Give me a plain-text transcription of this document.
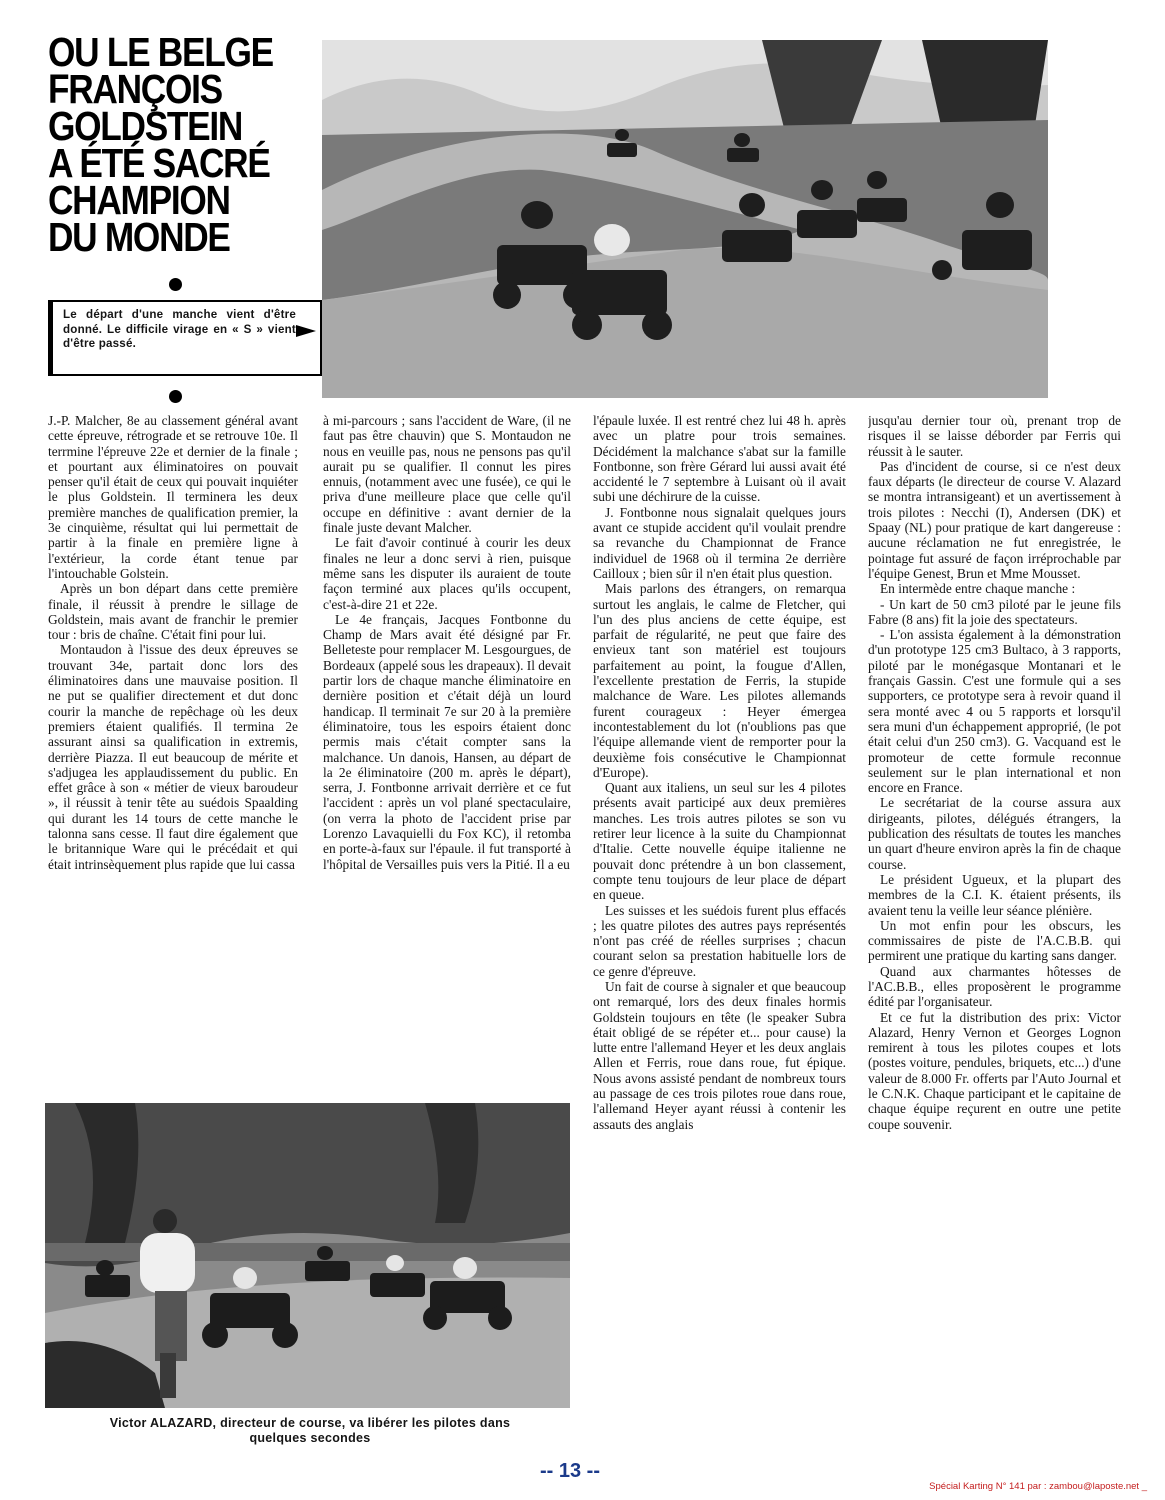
OU LE BELGE
FRANÇOIS
GOLDSTEIN
A ÉTÉ SACRÉ
CHAMPION
DU MONDE
Le départ d'une manche vient d'être donné. Le difficile virage en « S » vient d'être passé.

J.-P. Malcher, 8e au classement général avant cette épreuve, rétrograde et se retrouve 10e. Il terrmine l'épreuve 22e et dernier de la finale ; et pourtant aux éliminatoires on pouvait penser qu'il était de ceux qui pouvait inquiéter le plus Goldstein. Il terminera les deux première manches de qualification premier, la 3e cinquième, résultat qui lui permettait de partir à la finale en première ligne à l'extérieur, la corde étant tenue par l'intouchable Golstein.

Après un bon départ dans cette première finale, il réussit à prendre le sillage de Goldstein, mais avant de franchir le premier tour : bris de chaîne. C'était fini pour lui.

Montaudon à l'issue des deux épreuves se trouvant 34e, partait donc lors des éliminatoires dans une mauvaise position. Il ne put se qualifier directement et dut donc courir la manche de repêchage où les deux premiers étaient qualifiés. Il termina 2e assurant ainsi sa qualification in extremis, derrière Piazza. Il eut beaucoup de mérite et s'adjugea les applaudissement du public. En effet grâce à son « métier de vieux baroudeur », il réussit à tenir tête au suédois Spaalding qui durant les 14 tours de cette manche le talonna sans cesse. Il faut dire également que le britannique Ware qui le précédait et qui était intrinsèquement plus rapide que lui cassa

à mi-parcours ; sans l'accident de Ware, (il ne faut pas être chauvin) que S. Montaudon ne nous en veuille pas, nous ne pensons pas qu'il aurait pu se qualifier. Il connut les pires ennuis, (notamment avec une fusée), ce qui le priva d'une meilleure place que celle qu'il occupe en définitive : avant dernier de la finale juste devant Malcher.

Le fait d'avoir continué à courir les deux finales ne leur a donc servi à rien, puisque même sans les disputer ils auraient de toute façon terminé aux places qu'ils occupent, c'est-à-dire 21 et 22e.

Le 4e français, Jacques Fontbonne du Champ de Mars avait été désigné par Fr. Belleteste pour remplacer M. Lesgourgues, de Bordeaux (appelé sous les drapeaux). Il devait partir lors de chaque manche éliminatoire en dernière position et c'était déjà un lourd handicap. Il terminait 7e sur 20 à la première éliminatoire, tous les espoirs étaient donc permis mais c'était compter sans la malchance. Un danois, Hansen, au départ de la 2e éliminatoire (200 m. après le départ), serra, J. Fontbonne arrivait derrière et ce fut l'accident : après un vol plané spectaculaire, (on verra la photo de l'accident prise par Lorenzo Lavaquielli du Fox KC), il retomba en porte-à-faux sur l'épaule. il fut transporté à l'hôpital de Versailles puis vers la Pitié. Il a eu

l'épaule luxée. Il est rentré chez lui 48 h. après avec un platre pour trois semaines. Décidément la malchance s'abat sur la famille Fontbonne, son frère Gérard lui aussi avait été accidenté le 7 septembre à Luisant où il avait subi une déchirure de la cuisse.

J. Fontbonne nous signalait quelques jours avant ce stupide accident qu'il voulait prendre sa revanche du Championnat de France individuel de 1968 où il termina 2e derrière Cailloux ; bien sûr il n'en était plus question.

Mais parlons des étrangers, on remarqua surtout les anglais, le calme de Fletcher, qui l'un des plus anciens de cette équipe, est parfait de régularité, ne peut que faire des envieux tant son matériel est toujours parfaitement au point, la fougue d'Allen, l'excellente prestation de Ferris, la stupide malchance de Ware. Les pilotes allemands furent courageux : Heyer émergea incontestablement du lot (n'oublions pas que l'équipe allemande vient de remporter pour la deuxième fois consécutive le Championnat d'Europe).

Quant aux italiens, un seul sur les 4 pilotes présents avait participé aux deux premières manches. Les trois autres pilotes se son vu retirer leur licence à la suite du Championnat d'Italie. Cette nouvelle équipe italienne ne pouvait donc prétendre à un bon classement, compte tenu toujours de leur place de départ en queue.

Les suisses et les suédois furent plus effacés ; les quatre pilotes des autres pays représentés n'ont pas créé de réelles surprises ; chacun courant selon sa prestation habituelle lors de ce genre d'épreuve.

Un fait de course à signaler et que beaucoup ont remarqué, lors des deux finales hormis Goldstein toujours en tête (le speaker Subra était obligé de se répéter et... pour cause) la lutte entre l'allemand Heyer et les deux anglais Allen et Ferris, roue dans roue, fut épique. Nous avons assisté pendant de nombreux tours au passage de ces trois pilotes roue dans roue, l'allemand Heyer ayant réussi à contenir les assauts des anglais

jusqu'au dernier tour où, prenant trop de risques il se laisse déborder par Ferris qui réussit à le sauter.

Pas d'incident de course, si ce n'est deux faux départs (le directeur de course V. Alazard se montra intransigeant) et un avertissement à trois pilotes : Necchi (I), Andersen (DK) et Spaay (NL) pour pratique de kart dangereuse : aucune réclamation ne fut enregistrée, le pointage fut assuré de façon irréprochable par l'équipe Genest, Brun et Mme Mousset.

En intermède entre chaque manche :

- Un kart de 50 cm3 piloté par le jeune fils Fabre (8 ans) fit la joie des spectateurs.

- L'on assista également à la démonstration d'un prototype 125 cm3 Bultaco, à 3 rapports, piloté par le monégasque Montanari et le français Gassin. C'est une formule qui a ses supporters, ce prototype sera à revoir quand il sera monté avec 4 ou 5 rapports et lorsqu'il sera muni d'un échappement approprié, (le pot était celui d'un 250 cm3). G. Vacquand est le promoteur de cette formule reconnue seulement sur le plan international et non encore en France.

Le secrétariat de la course assura aux dirigeants, pilotes, délégués étrangers, la publication des résultats de toutes les manches un quart d'heure environ après la fin de chaque course.

Le président Ugueux, et la plupart des membres de la C.I. K. étaient présents, ils avaient tenu la veille leur séance plénière.

Un mot enfin pour les obscurs, les commissaires de piste de l'A.C.B.B. qui permirent une pratique du karting sans danger.

Quand aux charmantes hôtesses de l'AC.B.B., elles proposèrent le programme édité par l'organisateur.

Et ce fut la distribution des prix: Victor Alazard, Henry Vernon et Georges Lognon remirent à tous les pilotes coupes et lots (postes voiture, pendules, briquets, etc...) d'une valeur de 8.000 Fr. offerts par l'Auto Journal et le C.N.K. Chaque participant et le capitaine de chaque équipe reçurent en outre une petite coupe souvenir.

Victor ALAZARD, directeur de course, va libérer les pilotes dans
quelques secondes
-- 13 --
Spécial Karting N° 141 par : zambou@laposte.net _
